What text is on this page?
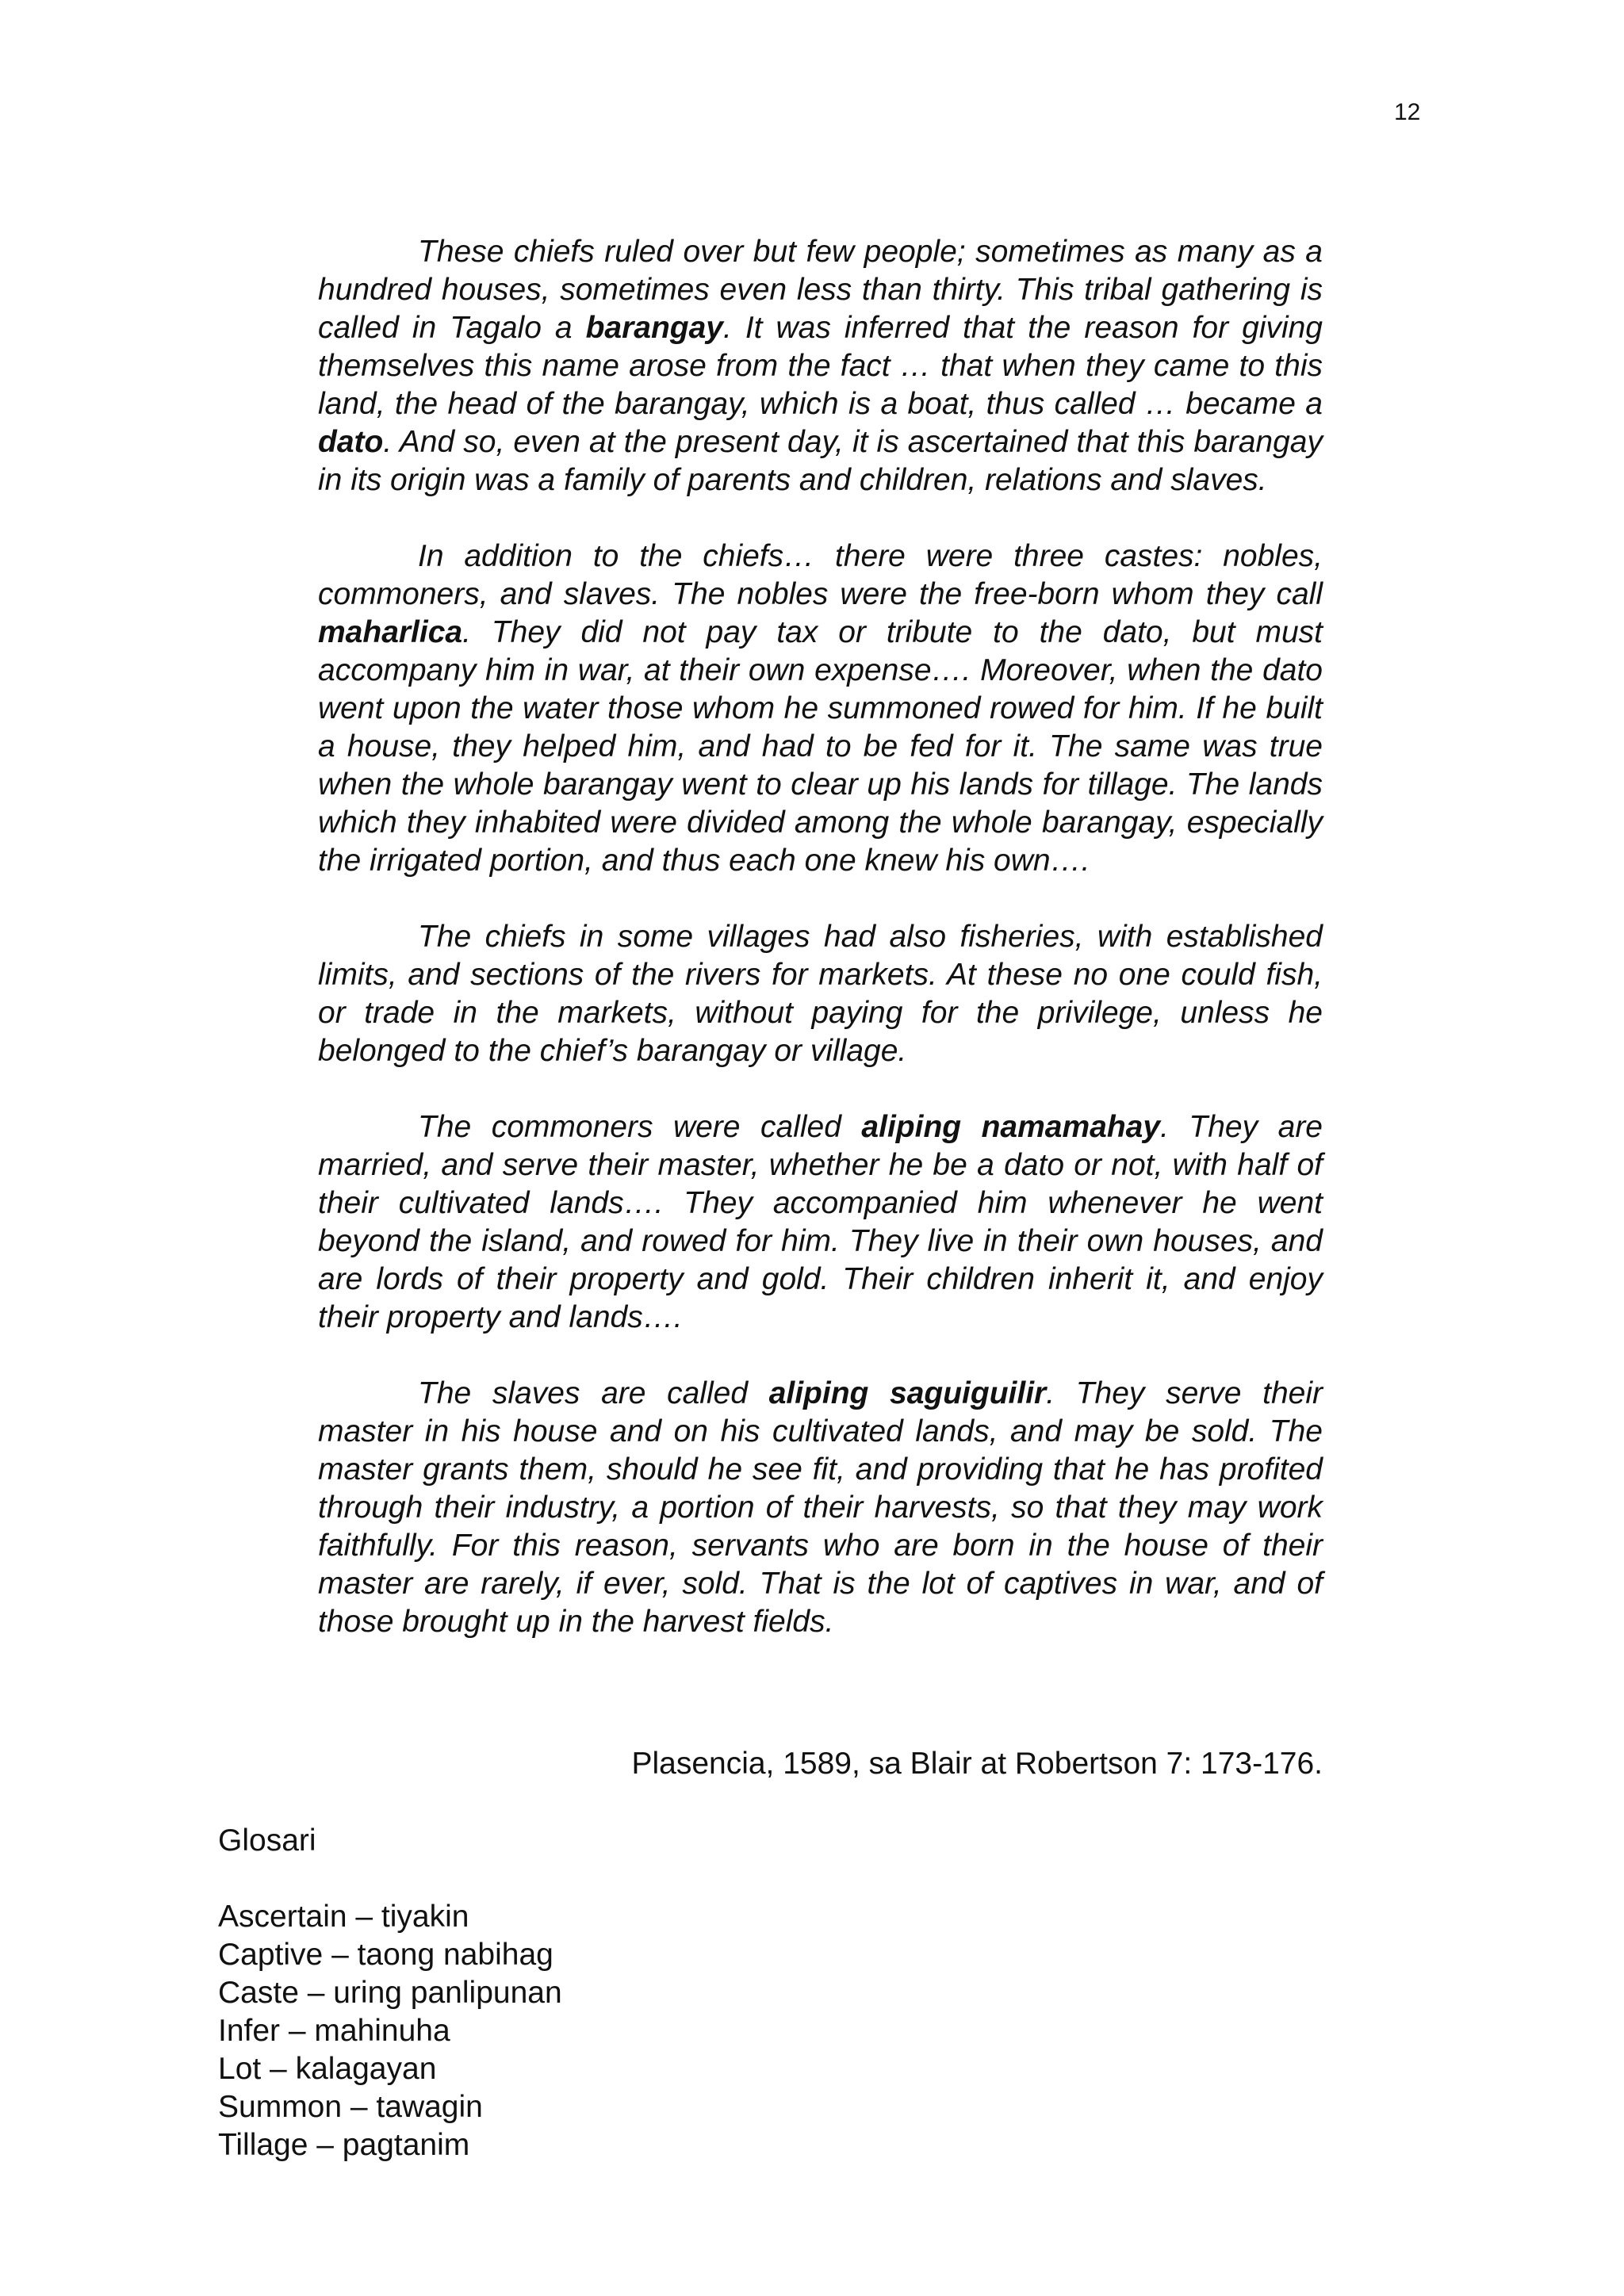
12

These chiefs ruled over but few people; sometimes as many as a hundred houses, sometimes even less than thirty. This tribal gathering is called in Tagalo a barangay. It was inferred that the reason for giving themselves this name arose from the fact … that when they came to this land, the head of the barangay, which is a boat, thus called … became a dato. And so, even at the present day, it is ascertained that this barangay in its origin was a family of parents and children, relations and slaves.

In addition to the chiefs… there were three castes: nobles, commoners, and slaves. The nobles were the free-born whom they call maharlica. They did not pay tax or tribute to the dato, but must accompany him in war, at their own expense…. Moreover, when the dato went upon the water those whom he summoned rowed for him. If he built a house, they helped him, and had to be fed for it. The same was true when the whole barangay went to clear up his lands for tillage. The lands which they inhabited were divided among the whole barangay, especially the irrigated portion, and thus each one knew his own….

The chiefs in some villages had also fisheries, with established limits, and sections of the rivers for markets. At these no one could fish, or trade in the markets, without paying for the privilege, unless he belonged to the chief’s barangay or village.

The commoners were called aliping namamahay. They are married, and serve their master, whether he be a dato or not, with half of their cultivated lands…. They accompanied him whenever he went beyond the island, and rowed for him. They live in their own houses, and are lords of their property and gold. Their children inherit it, and enjoy their property and lands….

The slaves are called aliping saguiguilir. They serve their master in his house and on his cultivated lands, and may be sold. The master grants them, should he see fit, and providing that he has profited through their industry, a portion of their harvests, so that they may work faithfully. For this reason, servants who are born in the house of their master are rarely, if ever, sold. That is the lot of captives in war, and of those brought up in the harvest fields.

Plasencia, 1589, sa Blair at Robertson 7: 173-176.
Glosari
Ascertain – tiyakin
Captive – taong nabihag
Caste – uring panlipunan
Infer – mahinuha
Lot – kalagayan
Summon – tawagin
Tillage – pagtanim
